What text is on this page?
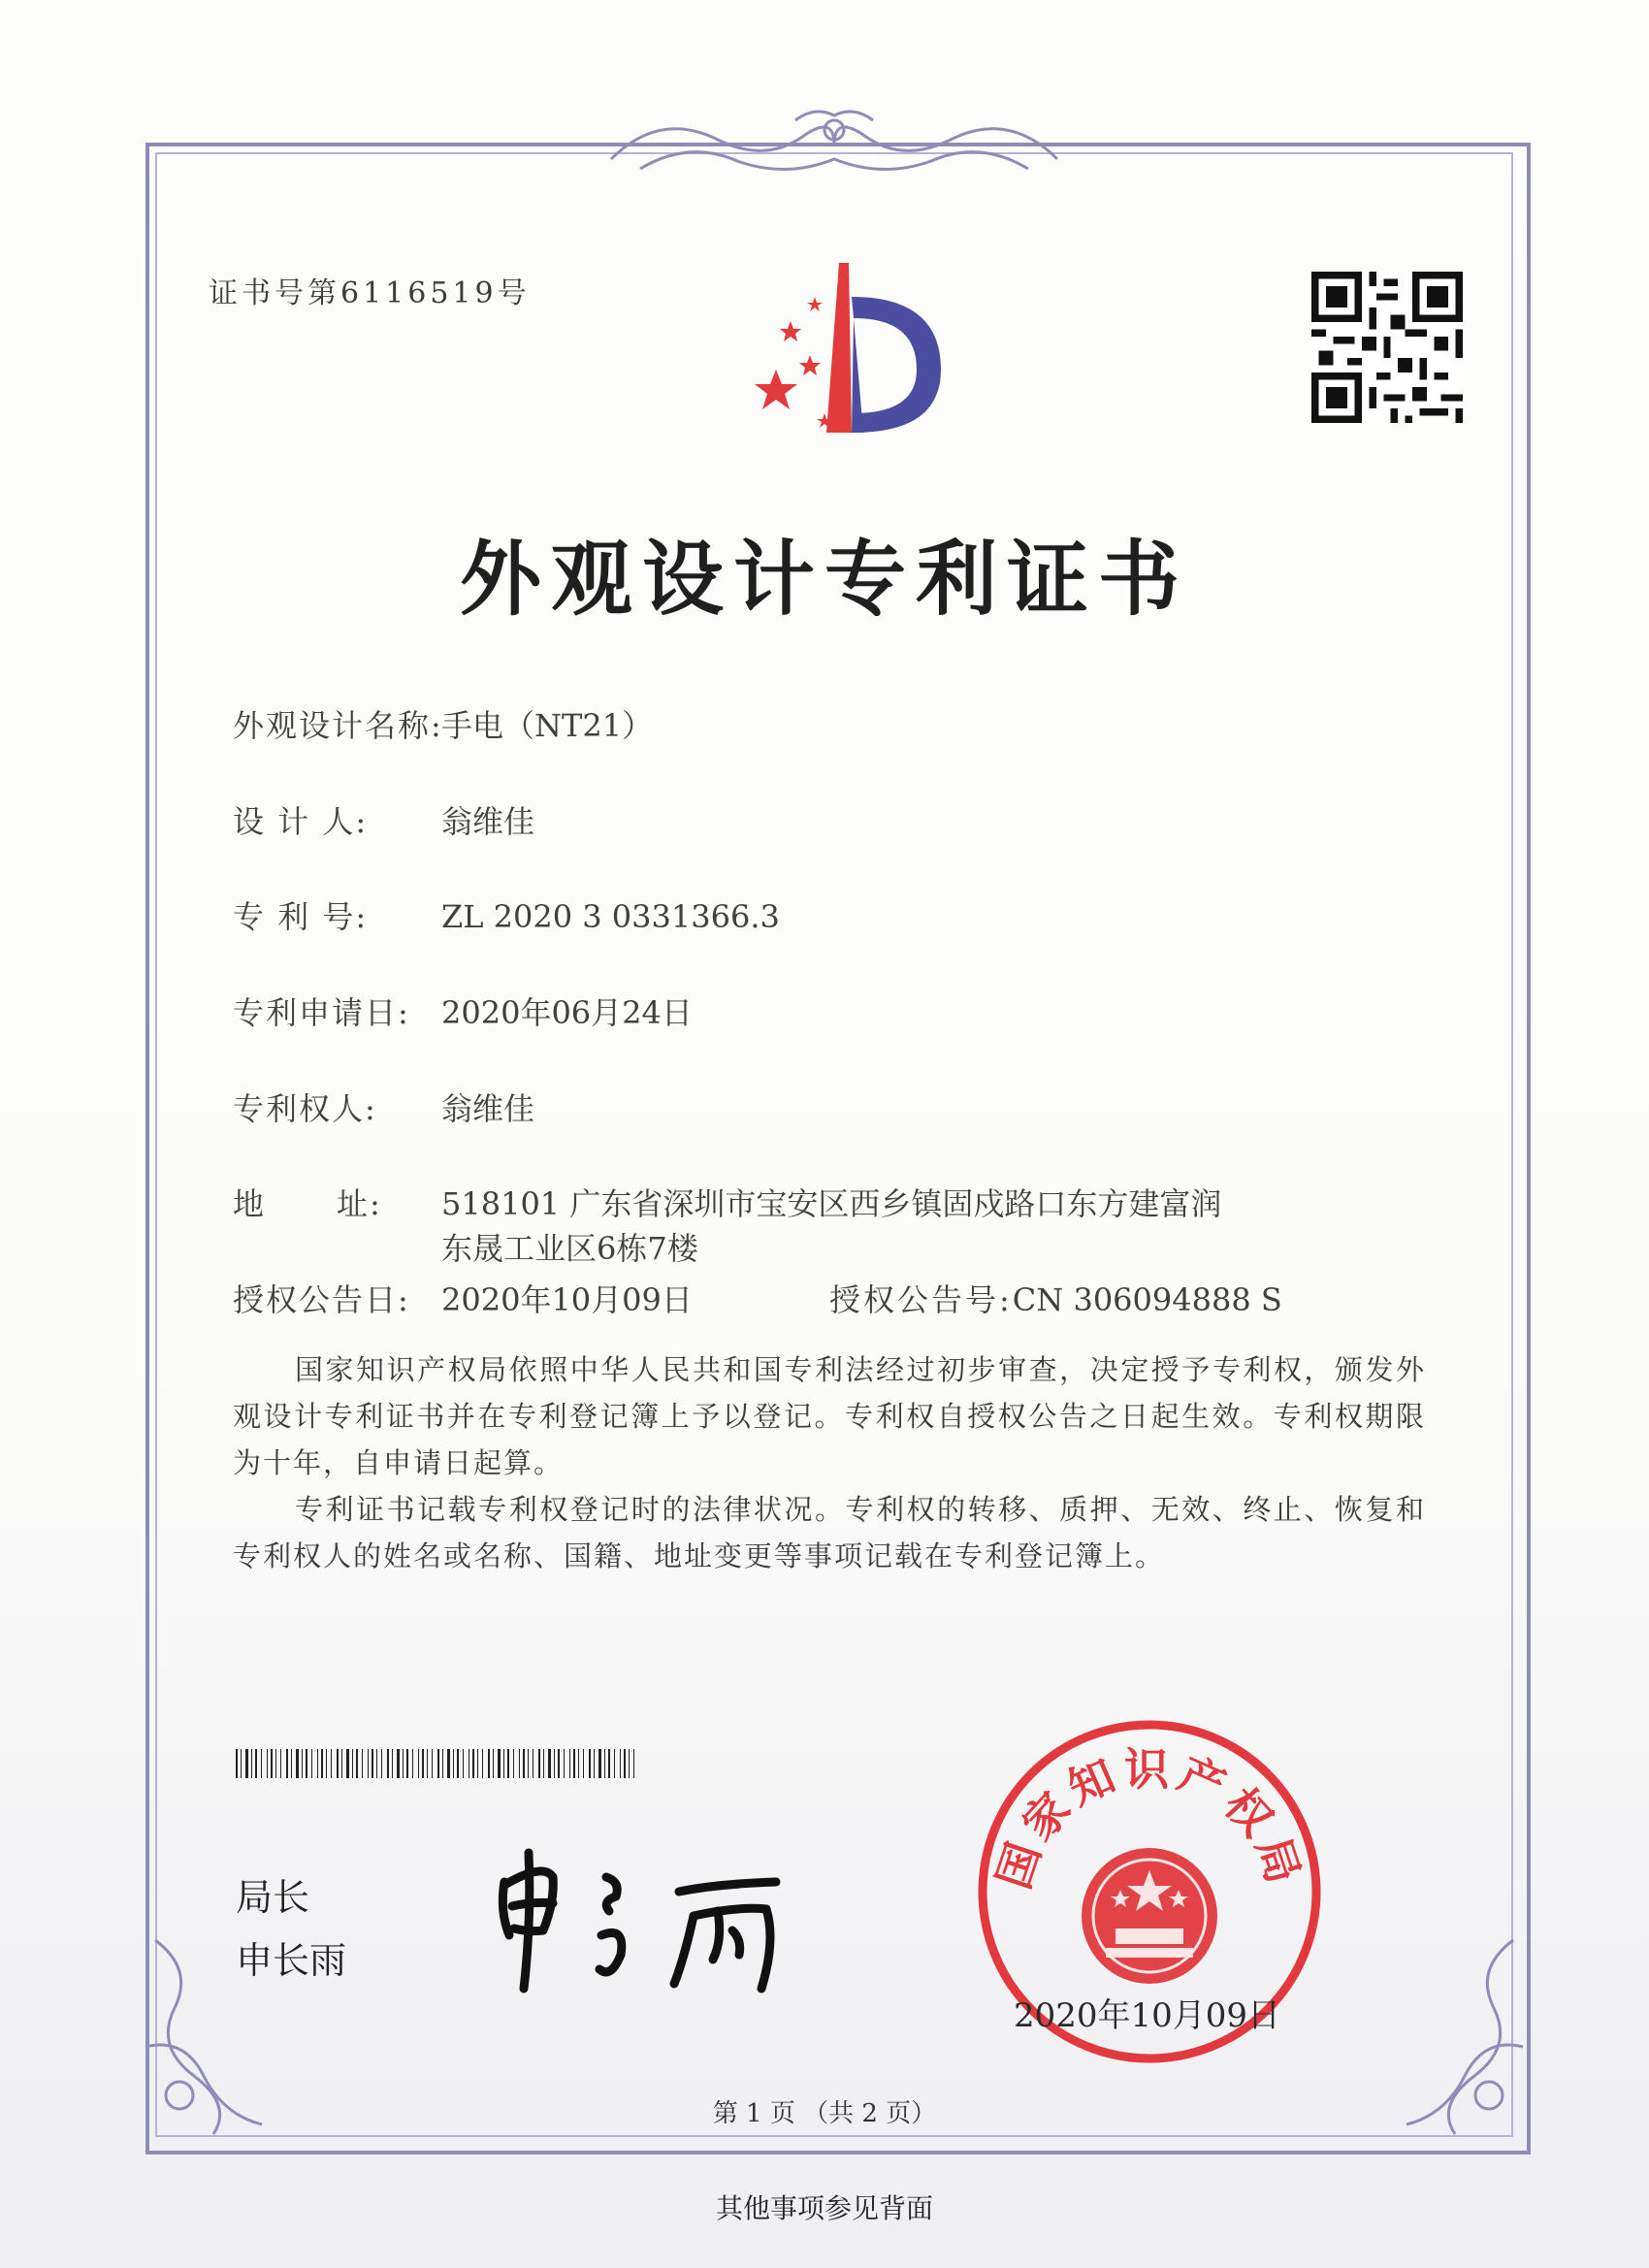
证书号第6116519号
外观设计专利证书
外观设计名称:手电（NT21）
设 计 人: 翁维佳
专 利 号: ZL 2020 3 0331366.3
专利申请日: 2020年06月24日
专利权人: 翁维佳
地      址: 518101 广东省深圳市宝安区西乡镇固戍路口东方建富润
东晟工业区6栋7楼
授权公告日: 2020年10月09日	授权公告号:CN 306094888 S
国家知识产权局依照中华人民共和国专利法经过初步审查，决定授予专利权，颁发外观设计专利证书并在专利登记簿上予以登记。专利权自授权公告之日起生效。专利权期限为十年，自申请日起算。
专利证书记载专利权登记时的法律状况。专利权的转移、质押、无效、终止、恢复和专利权人的姓名或名称、国籍、地址变更等事项记载在专利登记簿上。
局长
申长雨
国家知识产权局
2020年10月09日
第 1 页 （共 2 页）
其他事项参见背面
